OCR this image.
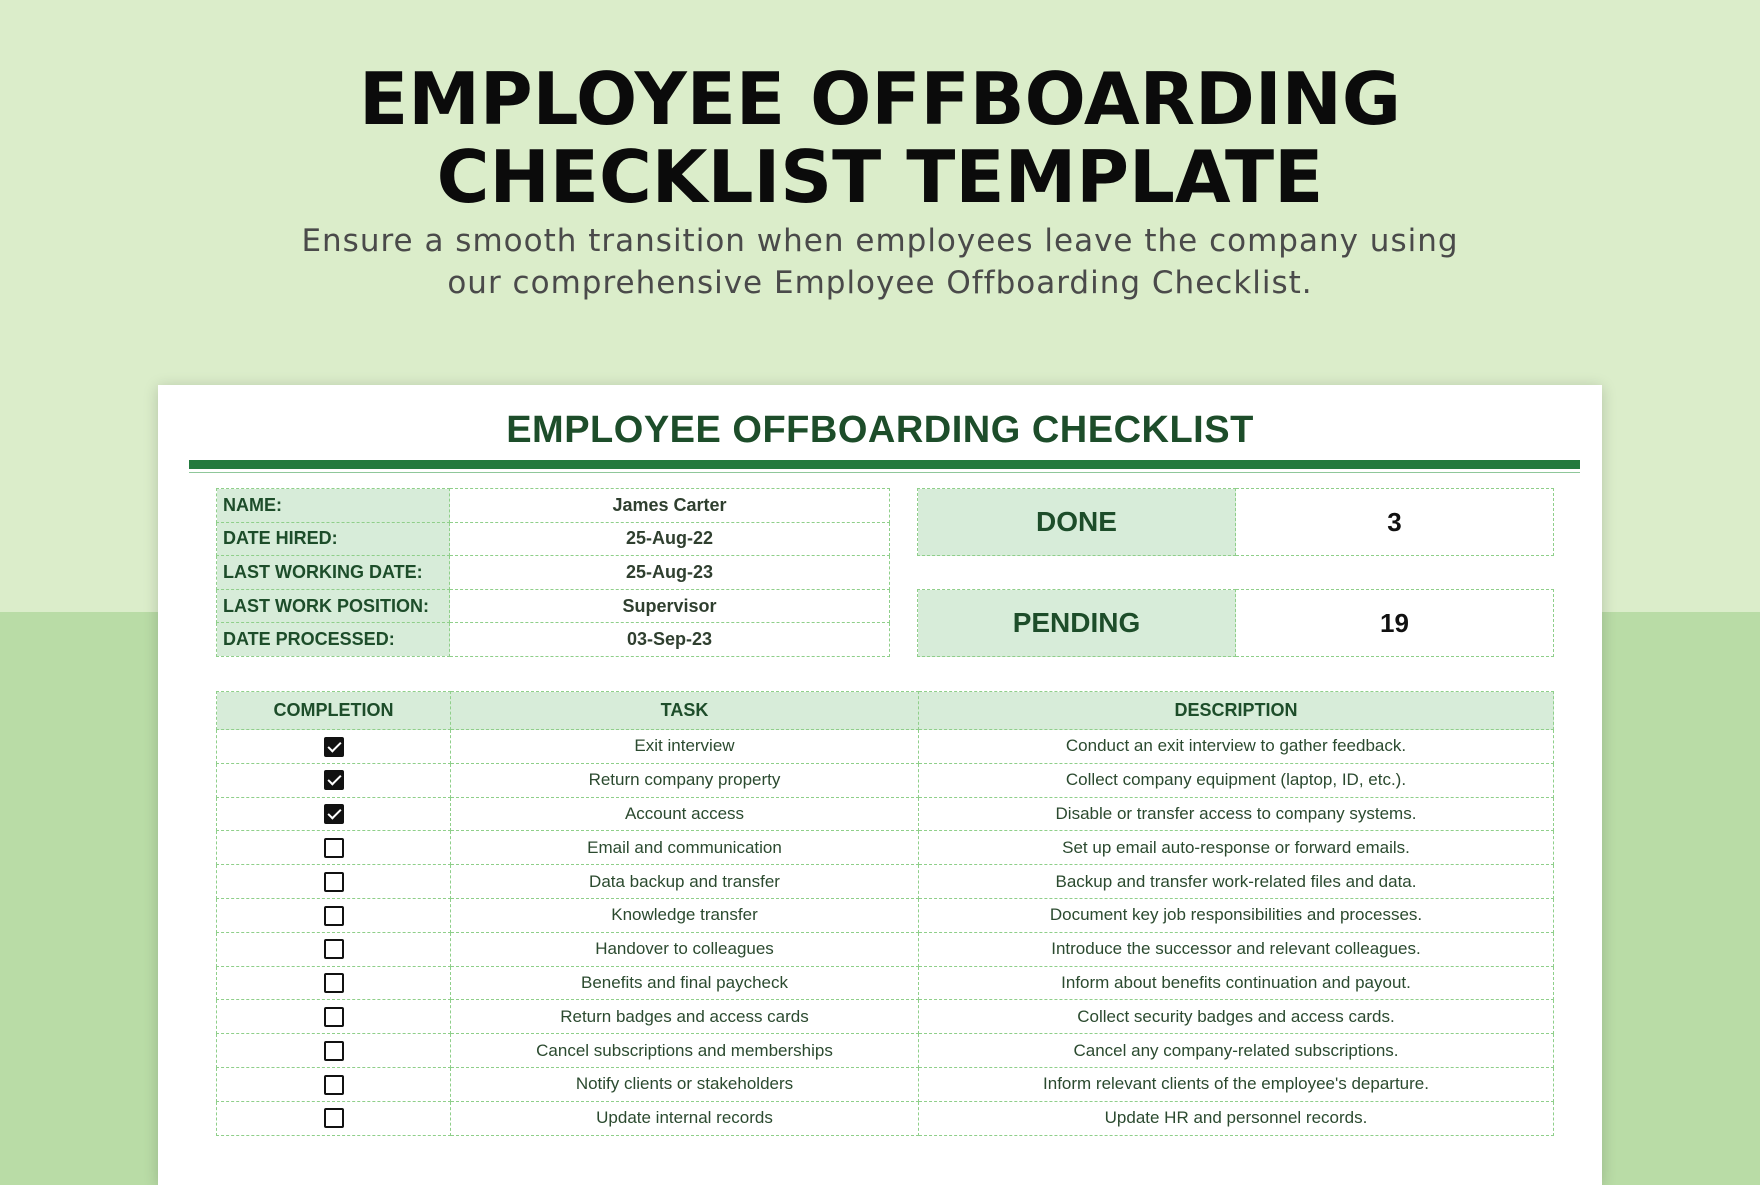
EMPLOYEE OFFBOARDING
CHECKLIST TEMPLATE
Ensure a smooth transition when employees leave the company using our comprehensive Employee Offboarding Checklist.
EMPLOYEE OFFBOARDING CHECKLIST
NAME:	James Carter
DATE HIRED:	25-Aug-22
LAST WORKING DATE:	25-Aug-23
LAST WORK POSITION:	Supervisor
DATE PROCESSED:	03-Sep-23
DONE	3
PENDING	19
COMPLETION	TASK	DESCRIPTION
	Exit interview	Conduct an exit interview to gather feedback.
	Return company property	Collect company equipment (laptop, ID, etc.).
	Account access	Disable or transfer access to company systems.
	Email and communication	Set up email auto-response or forward emails.
	Data backup and transfer	Backup and transfer work-related files and data.
	Knowledge transfer	Document key job responsibilities and processes.
	Handover to colleagues	Introduce the successor and relevant colleagues.
	Benefits and final paycheck	Inform about benefits continuation and payout.
	Return badges and access cards	Collect security badges and access cards.
	Cancel subscriptions and memberships	Cancel any company-related subscriptions.
	Notify clients or stakeholders	Inform relevant clients of the employee's departure.
	Update internal records	Update HR and personnel records.
